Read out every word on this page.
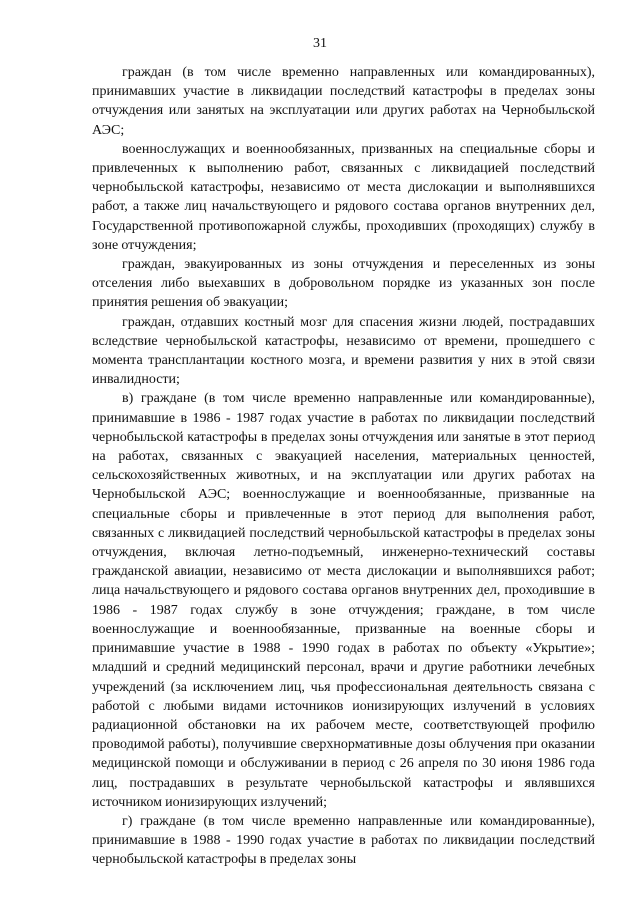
31

граждан (в том числе временно направленных или командированных), принимавших участие в ликвидации последствий катастрофы в пределах зоны отчуждения или занятых на эксплуатации или других работах на Чернобыльской АЭС;

военнослужащих и военнообязанных, призванных на специальные сборы и привлеченных к выполнению работ, связанных с ликвидацией последствий чернобыльской катастрофы, независимо от места дислокации и выполнявшихся работ, а также лиц начальствующего и рядового состава органов внутренних дел, Государственной противопожарной службы, проходивших (проходящих) службу в зоне отчуждения;

граждан, эвакуированных из зоны отчуждения и переселенных из зоны отселения либо выехавших в добровольном порядке из указанных зон после принятия решения об эвакуации;

граждан, отдавших костный мозг для спасения жизни людей, пострадавших вследствие чернобыльской катастрофы, независимо от времени, прошедшего с момента трансплантации костного мозга, и времени развития у них в этой связи инвалидности;

в) граждане (в том числе временно направленные или командированные), принимавшие в 1986 - 1987 годах участие в работах по ликвидации последствий чернобыльской катастрофы в пределах зоны отчуждения или занятые в этот период на работах, связанных с эвакуацией населения, материальных ценностей, сельскохозяйственных животных, и на эксплуатации или других работах на Чернобыльской АЭС; военнослужащие и военнообязанные, призванные на специальные сборы и привлеченные в этот период для выполнения работ, связанных с ликвидацией последствий чернобыльской катастрофы в пределах зоны отчуждения, включая летно-подъемный, инженерно-технический составы гражданской авиации, независимо от места дислокации и выполнявшихся работ; лица начальствующего и рядового состава органов внутренних дел, проходившие в 1986 - 1987 годах службу в зоне отчуждения; граждане, в том числе военнослужащие и военнообязанные, призванные на военные сборы и принимавшие участие в 1988 - 1990 годах в работах по объекту «Укрытие»; младший и средний медицинский персонал, врачи и другие работники лечебных учреждений (за исключением лиц, чья профессиональная деятельность связана с работой с любыми видами источников ионизирующих излучений в условиях радиационной обстановки на их рабочем месте, соответствующей профилю проводимой работы), получившие сверхнормативные дозы облучения при оказании медицинской помощи и обслуживании в период с 26 апреля по 30 июня 1986 года лиц, пострадавших в результате чернобыльской катастрофы и являвшихся источником ионизирующих излучений;

г) граждане (в том числе временно направленные или командированные), принимавшие в 1988 - 1990 годах участие в работах по ликвидации последствий чернобыльской катастрофы в пределах зоны
